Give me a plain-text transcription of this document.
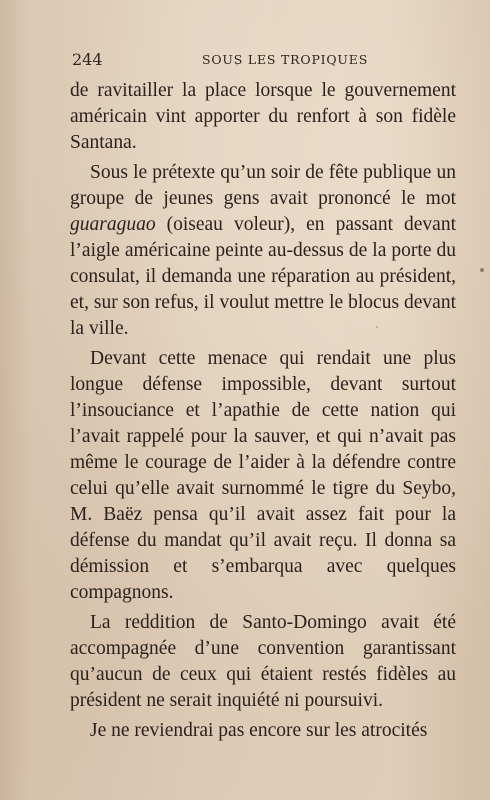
244	SOUS LES TROPIQUES

de ravitailler la place lorsque le gouvernement américain vint apporter du renfort à son fidèle Santana.

Sous le prétexte qu’un soir de fête publique un groupe de jeunes gens avait prononcé le mot guaraguao (oiseau voleur), en passant devant l’aigle américaine peinte au-dessus de la porte du consulat, il demanda une réparation au président, et, sur son refus, il voulut mettre le blocus devant la ville.

Devant cette menace qui rendait une plus longue défense impossible, devant surtout l’insouciance et l’apathie de cette nation qui l’avait rappelé pour la sauver, et qui n’avait pas même le courage de l’aider à la défendre contre celui qu’elle avait surnommé le tigre du Seybo, M. Baëz pensa qu’il avait assez fait pour la défense du mandat qu’il avait reçu. Il donna sa démission et s’embarqua avec quelques compagnons.

La reddition de Santo-Domingo avait été accompagnée d’une convention garantissant qu’aucun de ceux qui étaient restés fidèles au président ne serait inquiété ni poursuivi.

Je ne reviendrai pas encore sur les atrocités
